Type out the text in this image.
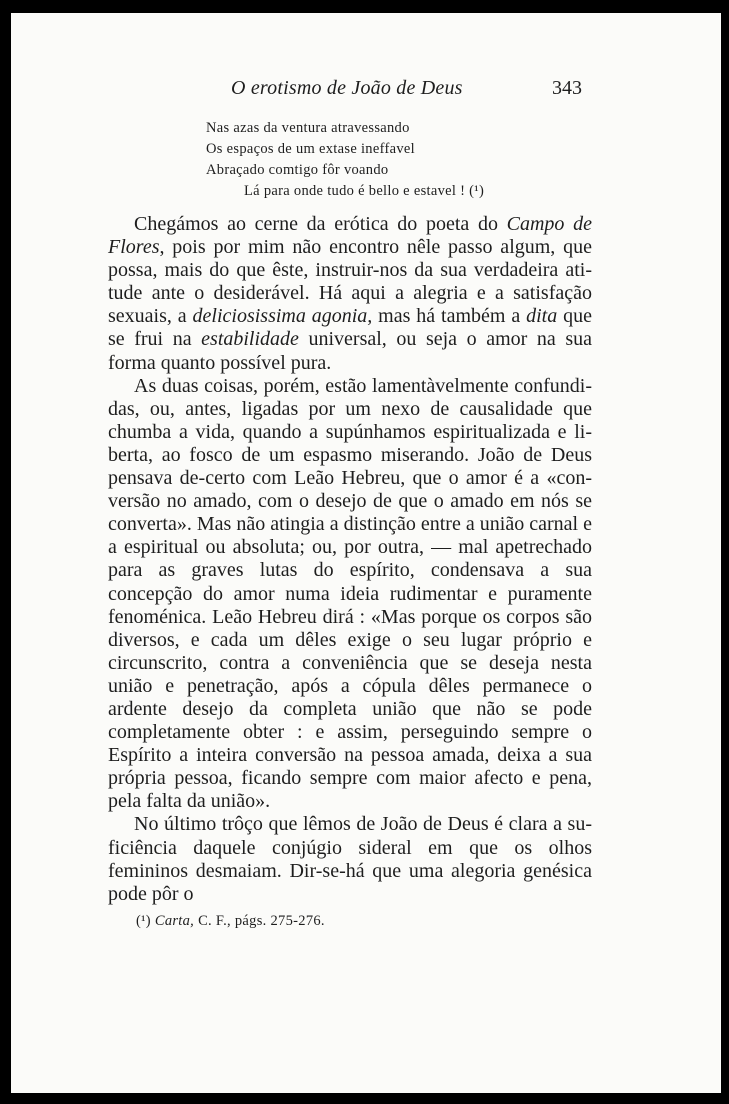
O erotismo de João de Deus	343
Nas azas da ventura atravessando
Os espaços de um extase ineffavel
Abraçado comtigo fôr voando
Lá para onde tudo é bello e estavel ! (¹)

Chegámos ao cerne da erótica do poeta do Campo de Flores, pois por mim não encontro nêle passo algum, que possa, mais do que êste, instruir-nos da sua verdadeira atitude ante o desiderável. Há aqui a alegria e a satisfação sexuais, a deliciosissima agonia, mas há também a dita que se frui na estabilidade universal, ou seja o amor na sua forma quanto possível pura.

As duas coisas, porém, estão lamentàvelmente confundidas, ou, antes, ligadas por um nexo de causalidade que chumba a vida, quando a supúnhamos espiritualizada e liberta, ao fosco de um espasmo miserando. João de Deus pensava de-certo com Leão Hebreu, que o amor é a «conversão no amado, com o desejo de que o amado em nós se converta». Mas não atingia a distinção entre a união carnal e a espiritual ou absoluta; ou, por outra, — mal apetrechado para as graves lutas do espírito, condensava a sua concepção do amor numa ideia rudimentar e puramente fenoménica. Leão Hebreu dirá : «Mas porque os corpos são diversos, e cada um dêles exige o seu lugar próprio e circunscrito, contra a conveniência que se deseja nesta união e penetração, após a cópula dêles permanece o ardente desejo da completa união que não se pode completamente obter : e assim, perseguindo sempre o Espírito a inteira conversão na pessoa amada, deixa a sua própria pessoa, ficando sempre com maior afecto e pena, pela falta da união».

No último trôço que lêmos de João de Deus é clara a suficiência daquele conjúgio sideral em que os olhos femininos desmaiam. Dir-se-há que uma alegoria genésica pode pôr o

(¹) Carta, C. F., págs. 275-276.
